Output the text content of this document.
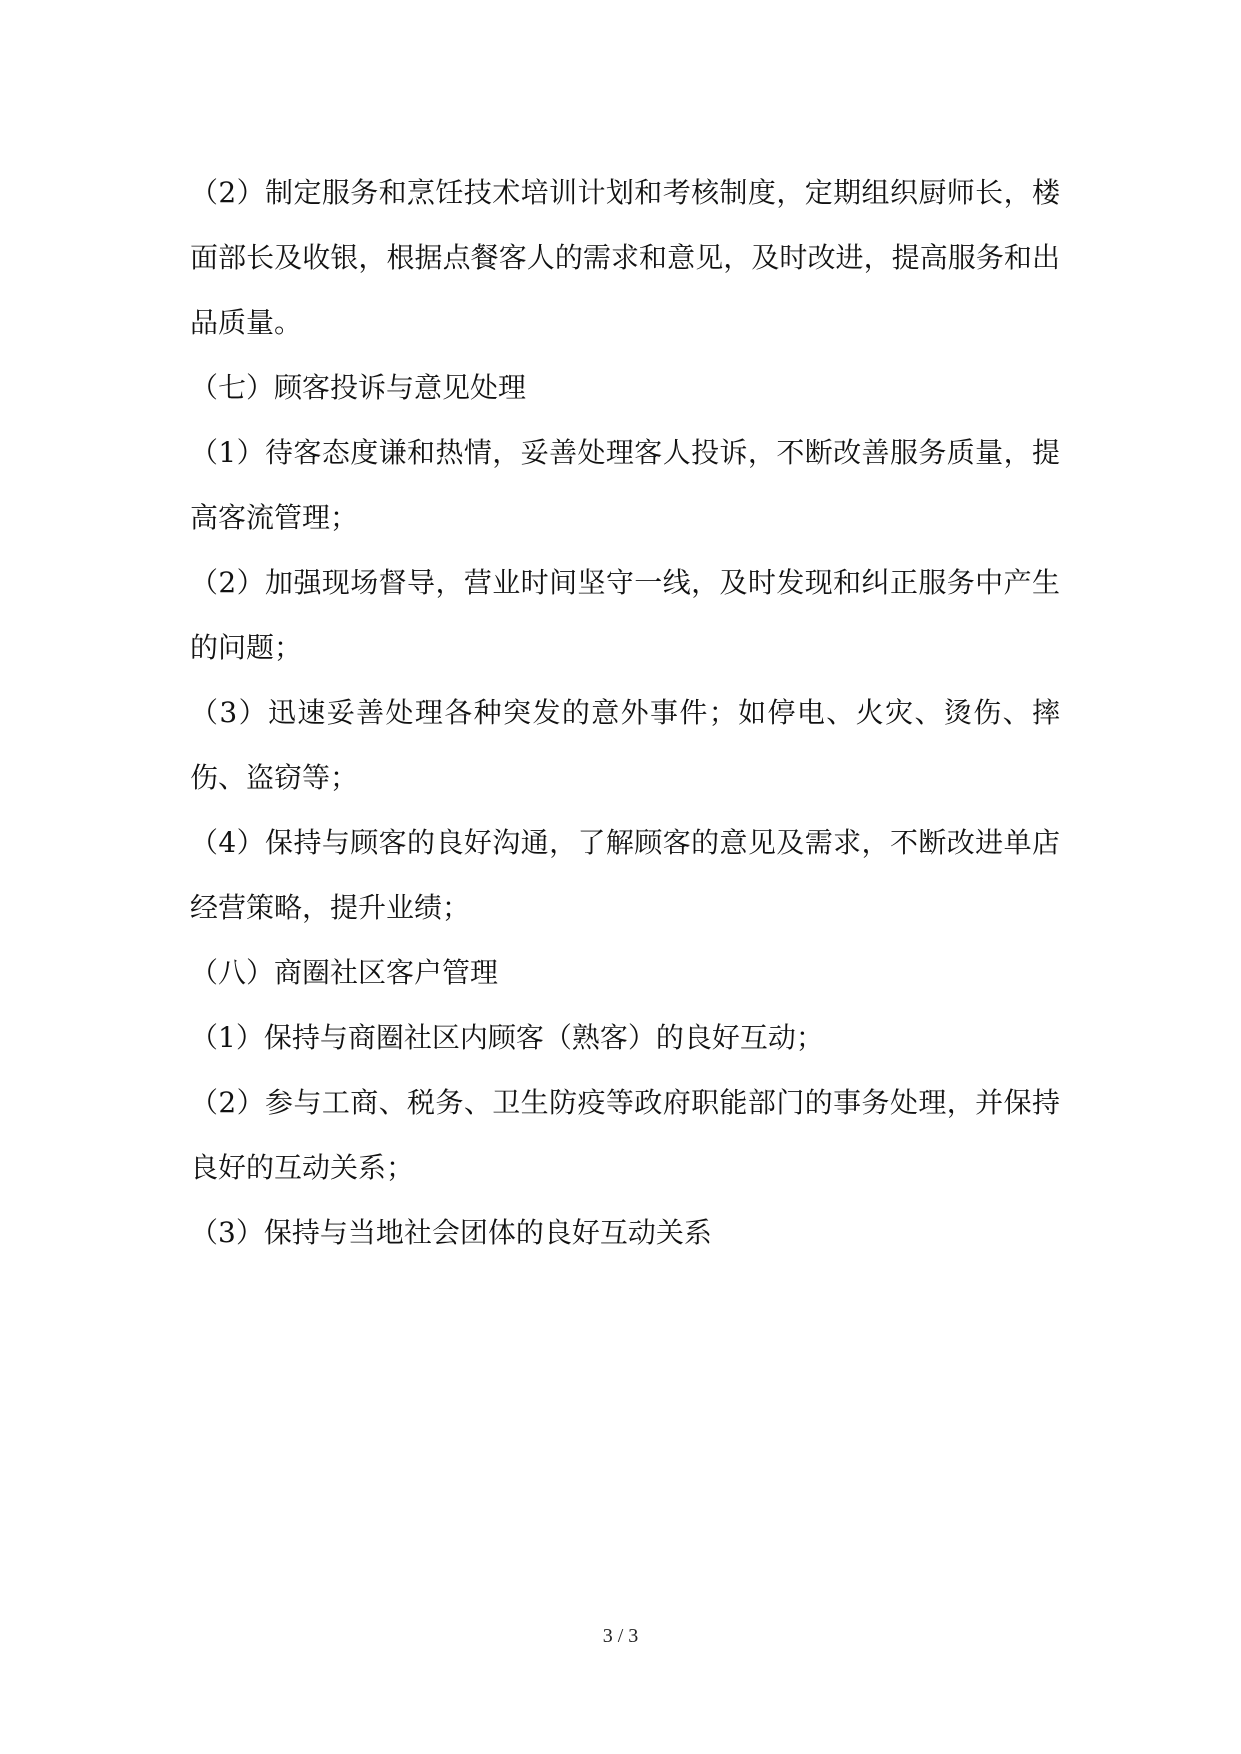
（2）制定服务和烹饪技术培训计划和考核制度，定期组织厨师长，楼面部长及收银，根据点餐客人的需求和意见，及时改进，提高服务和出品质量。

（七）顾客投诉与意见处理

（1）待客态度谦和热情，妥善处理客人投诉，不断改善服务质量，提高客流管理；

（2）加强现场督导，营业时间坚守一线，及时发现和纠正服务中产生的问题；

（3）迅速妥善处理各种突发的意外事件；如停电、火灾、烫伤、摔伤、盗窃等；

（4）保持与顾客的良好沟通，了解顾客的意见及需求，不断改进单店经营策略，提升业绩；

（八）商圈社区客户管理

（1）保持与商圈社区内顾客（熟客）的良好互动；

（2）参与工商、税务、卫生防疫等政府职能部门的事务处理，并保持良好的互动关系；

（3）保持与当地社会团体的良好互动关系

3 / 3
